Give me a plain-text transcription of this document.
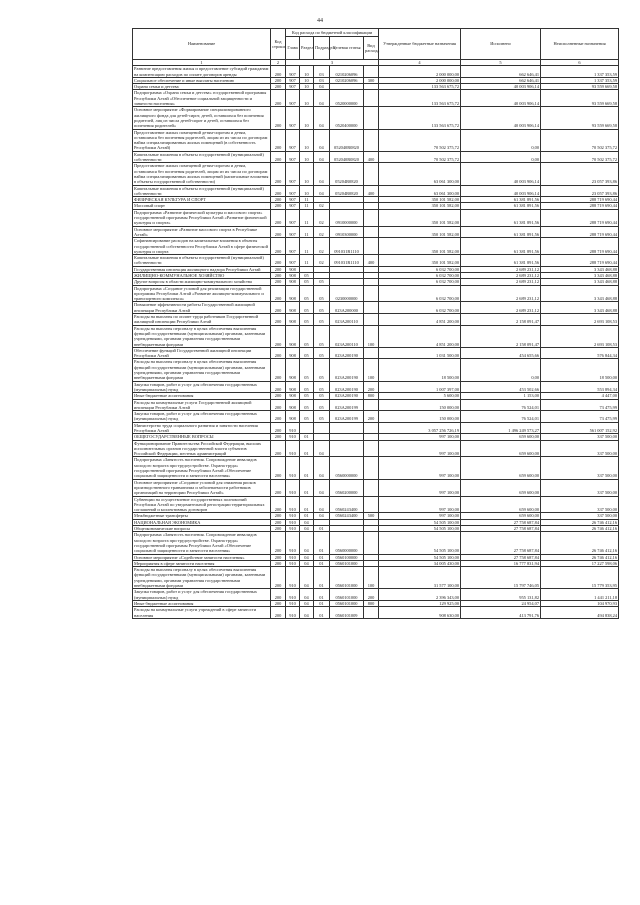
44
Наименование	Код строки	Код расхода по бюджетной классификации					Утвержденные бюджетные назначения	Исполнено	Неисполненные назначения
		Глава	Раздел	Подраздел	Целевая статья	Вид расхода			
1	2	3					4	5	6
Развитие предоставления жилья и предоставление субсидий гражданам на компенсацию расходов по оплате договоров аренды	200	907	10	03	0210206096		2 000 000,00	662 646,41	1 337 353,59
Социальное обеспечение и иные выплаты населению	200	907	10	03	0210206096	300	2 000 000,00	662 646,41	1 337 353,59
Охрана семьи и детства	200	907	10	04			133 563 675,72	40 003 906,14	93 559 669,58
Подпрограмма «Охрана семьи и детства» государственной программы Республики Алтай «Обеспечение социальной защищенности и занятости населения»	200	907	10	04	0520000000		133 563 675,72	40 003 906,14	93 559 669,58
Основное мероприятие «Формирование специализированного жилищного фонда для детей-сирот, детей, оставшихся без попечения родителей, лиц из числа детей-сирот и детей, оставшихся без попечения родителей»	200	907	10	04	0520400000		133 563 675,72	40 003 906,14	93 559 669,58
Предоставление жилых помещений детям-сиротам и детям, оставшимся без попечения родителей, лицам из их числа по договорам найма специализированных жилых помещений (в собственность Республики Алтай)	200	907	10	04	052040R0820		70 502 375,72	0,00	70 502 375,72
Капитальные вложения в объекты государственной (муниципальной) собственности	200	907	10	04	052040R0820	400	70 502 375,72	0,00	70 502 375,72
Предоставление жилых помещений детям-сиротам и детям, оставшимся без попечения родителей, лицам из их числа по договорам найма специализированных жилых помещений (капитальные вложения в объекты государственной собственности)	200	907	10	04	05204R0820		63 061 300,00	40 003 906,14	23 057 393,86
Капитальные вложения в объекты государственной (муниципальной) собственности	200	907	10	04	05204R0820	400	63 061 300,00	40 003 906,14	23 057 393,86
ФИЗИЧЕСКАЯ КУЛЬТУРА И СПОРТ	200	907	11				350 101 582,00	61 381 891,56	288 719 690,44
Массовый спорт	200	907	11	02			350 101 582,00	61 381 891,56	288 719 690,44
Подпрограмма «Развитие физической культуры и массового спорта» государственной программы Республики Алтай «Развитие физической культуры и спорта»	200	907	11	02	0910000000		350 101 582,00	61 381 891,56	288 719 690,44
Основное мероприятие «Развитие массового спорта в Республике Алтай»	200	907	11	02	0910300000		350 101 582,00	61 381 891,56	288 719 690,44
Софинансирование расходов на капитальные вложения в объекты государственной собственности Республики Алтай в сфере физической культуры и спорта	200	907	11	02	091031R1110		350 101 582,00	61 381 891,56	288 719 690,44
Капитальные вложения в объекты государственной (муниципальной) собственности	200	907	11	02	091031R1110	400	350 101 582,00	61 381 891,56	288 719 690,44
Государственная инспекция жилищного надзора Республики Алтай	200	908					6 032 700,00	2 689 231,12	3 343 468,88
ЖИЛИЩНО-КОММУНАЛЬНОЕ ХОЗЯЙСТВО	200	908	05				6 032 700,00	2 689 231,12	3 343 468,88
Другие вопросы в области жилищно-коммунального хозяйства	200	908	05	05			6 032 700,00	2 689 231,12	3 343 468,88
Подпрограмма «Создание условий для реализации государственной программы Республики Алтай «Развитие жилищно-коммунального и транспортного комплекса»	200	908	05	05	0230000000		6 032 700,00	2 689 231,12	3 343 468,88
Повышение эффективности работы Государственной жилищной инспекции Республики Алтай	200	908	05	05	023А200000		6 032 700,00	2 689 231,12	3 343 468,88
Расходы на выплаты по оплате труда работников Государственной жилищной инспекции Республики Алтай	200	908	05	05	023А200110		4 851 200,00	2 158 091,47	2 693 108,53
Расходы на выплаты персоналу в целях обеспечения выполнения функций государственными (муниципальными) органами, казенными учреждениями, органами управления государственными внебюджетными фондами	200	908	05	05	023А200110	100	4 851 200,00	2 158 091,47	2 693 108,53
Обеспечение функций Государственной жилищной инспекции Республики Алтай	200	908	05	05	023А200190		1 031 500,00	454 655,66	576 844,34
Расходы на выплаты персоналу в целях обеспечения выполнения функций государственными (муниципальными) органами, казенными учреждениями, органами управления государственными внебюджетными фондами	200	908	05	05	023А200190	100	18 500,00	0,00	18 500,00
Закупка товаров, работ и услуг для обеспечения государственных (муниципальных) нужд	200	908	05	05	023А200190	200	1 007 397,00	453 502,66	553 894,34
Иные бюджетные ассигнования	200	908	05	05	023А200190	800	5 600,00	1 153,00	4 447,00
Расходы на коммунальные услуги Государственной жилищной инспекции Республики Алтай	200	908	05	05	023А200199		150 000,00	76 524,01	73 475,99
Закупка товаров, работ и услуг для обеспечения государственных (муниципальных) нужд	200	908	05	05	023А200199	200	150 000,00	76 524,01	73 475,99
Министерство труда социального развития и занятости населения Республики Алтай	200	910					3 057 256 726,19	1 496 249 573,27	561 007 152,92
ОБЩЕГОСУДАРСТВЕННЫЕ ВОПРОСЫ	200	910	01				997 100,00	659 600,00	337 500,00
Функционирование Правительства Российской Федерации, высших исполнительных органов государственной власти субъектов Российской Федерации, местных администраций	200	910	01	04			997 100,00	659 600,00	337 500,00
Подпрограмма «Занятость населения. Сопровождение инвалидов молодого возраста при трудоустройстве. Охрана труда» государственной программы Республики Алтай «Обеспечение социальной защищенности и занятости населения»	200	910	01	04	0560000000		997 100,00	659 600,00	337 500,00
Основное мероприятие «Создание условий для снижения рисков производственного травматизма и заболеваемости работников организаций на территории Республики Алтай»	200	910	01	04	0560200000		997 100,00	659 600,00	337 500,00
Субвенции на осуществление государственных полномочий Республики Алтай по уведомительной регистрации территориальных соглашений и коллективных договоров	200	910	01	04	0560243400		997 100,00	659 600,00	337 500,00
Межбюджетные трансферты	200	910	01	04	0560243400	500	997 100,00	659 600,00	337 500,00
НАЦИОНАЛЬНАЯ ЭКОНОМИКА	200	910	04				54 505 100,00	27 758 687,84	26 746 412,16
Общеэкономические вопросы	200	910	04	01			54 505 100,00	27 758 687,84	26 746 412,16
Подпрограмма «Занятость населения. Сопровождение инвалидов молодого возраста при трудоустройстве. Охрана труда» государственной программы Республики Алтай «Обеспечение социальной защищенности и занятости населения»	200	910	04	01	0560000000		54 505 100,00	27 758 687,84	26 746 412,16
Основное мероприятие «Содействие занятости населения»	200	910	04	01	0560100000		54 505 100,00	27 758 687,84	26 746 412,16
Мероприятия в сфере занятости населения	200	910	04	01	0560101000		34 005 430,00	16 777 831,94	17 227 598,06
Расходы на выплаты персоналу в целях обеспечения выполнения функций государственными (муниципальными) органами, казенными учреждениями, органами управления государственными внебюджетными фондами	200	910	04	01	0560101000	100	31 577 100,00	15 797 746,05	15 779 353,95
Закупка товаров, работ и услуг для обеспечения государственных (муниципальных) нужд	200	910	04	01	0560101000	200	2 396 343,00	955 131,82	1 441 211,18
Иные бюджетные ассигнования	200	910	04	01	0560101000	800	129 925,00	24 954,07	104 970,93
Расходы на коммунальные услуги учреждений в сфере занятости населения	200	910	04	01	0560101009		908 630,00	413 791,76	494 838,24
